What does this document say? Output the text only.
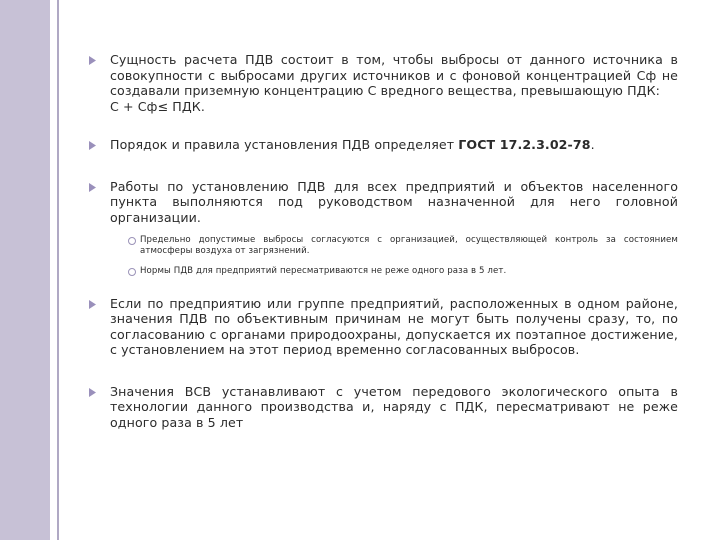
Сущность расчета ПДВ состоит в том, чтобы выбросы от данного источника в совокупности с выбросами других источников и с фоновой концентрацией Сф не создавали приземную концентрацию С вредного вещества, превышающую ПДК:

С + Сф≤ ПДК.

Порядок и правила установления ПДВ определяет ГОСТ 17.2.3.02-78.

Работы по установлению ПДВ для всех предприятий и объектов населенного пункта выполняются под руководством назначенной для него головной организации.

Предельно допустимые выбросы согласуются с организацией, осуществляющей контроль за состоянием атмосферы воздуха от загрязнений.

Нормы ПДВ для предприятий пересматриваются не реже одного раза в 5 лет.

Если по предприятию или группе предприятий, расположенных в одном районе, значения ПДВ по объективным причинам не могут быть получены сразу, то, по согласованию с органами природоохраны, допускается их поэтапное достижение, с установлением на этот период временно согласованных выбросов.

Значения ВСВ устанавливают с учетом передового экологического опыта в технологии данного производства и, наряду с ПДК, пересматривают не реже одного раза в 5 лет
